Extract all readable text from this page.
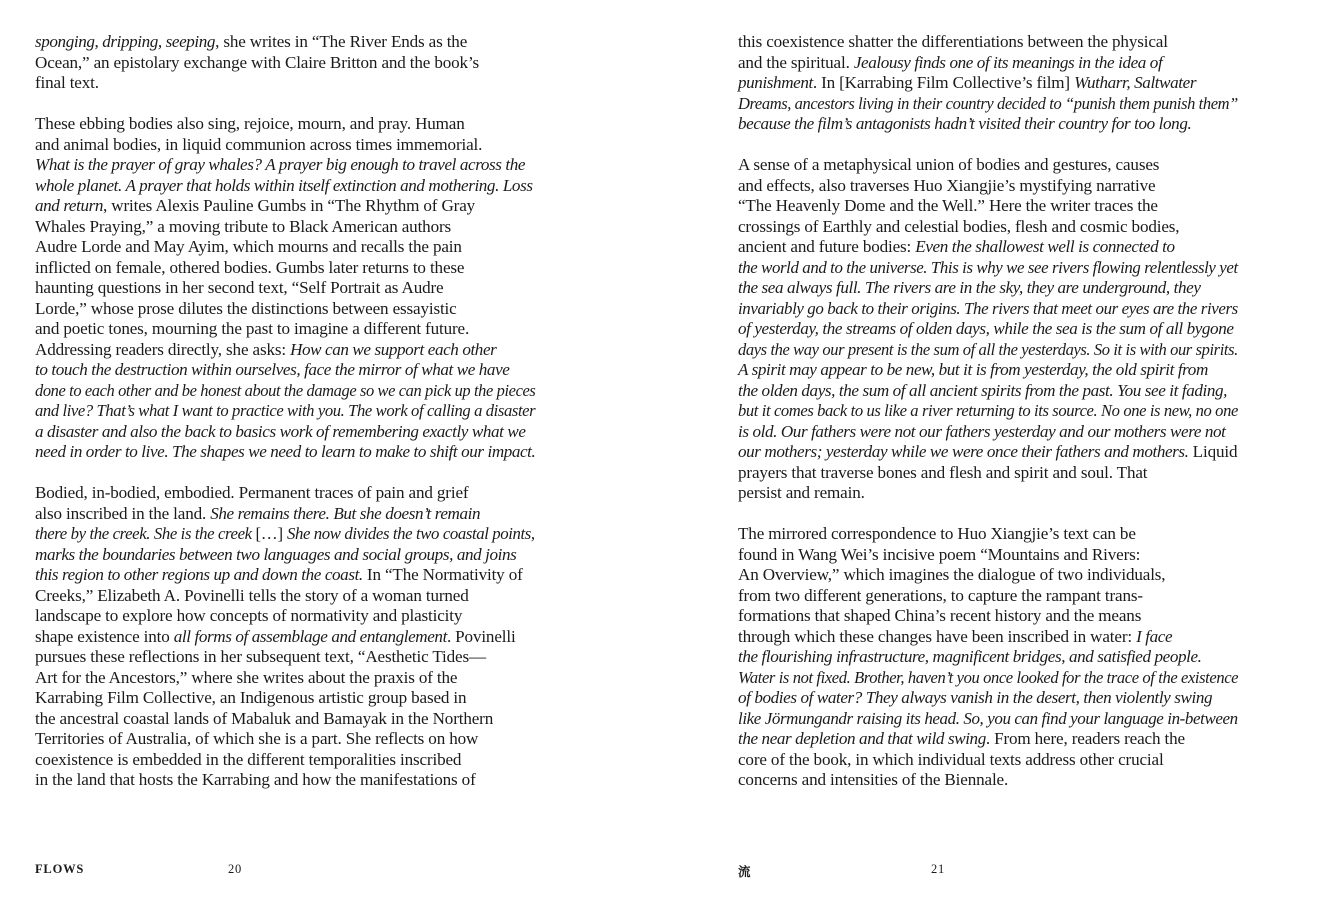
sponging, dripping, seeping, she writes in “The River Ends as the
Ocean,” an epistolary exchange with Claire Britton and the book’s
final text.

These ebbing bodies also sing, rejoice, mourn, and pray. Human
and animal bodies, in liquid communion across times immemorial.
What is the prayer of gray whales? A prayer big enough to travel across the
whole planet. A prayer that holds within itself extinction and mothering. Loss
and return, writes Alexis Pauline Gumbs in “The Rhythm of Gray
Whales Praying,” a moving tribute to Black American authors
Audre Lorde and May Ayim, which mourns and recalls the pain
inflicted on female, othered bodies. Gumbs later returns to these
haunting questions in her second text, “Self Portrait as Audre
Lorde,” whose prose dilutes the distinctions between essayistic
and poetic tones, mourning the past to imagine a different future.
Addressing readers directly, she asks: How can we support each other
to touch the destruction within ourselves, face the mirror of what we have
done to each other and be honest about the damage so we can pick up the pieces
and live? That’s what I want to practice with you. The work of calling a disaster
a disaster and also the back to basics work of remembering exactly what we
need in order to live. The shapes we need to learn to make to shift our impact.

Bodied, in-bodied, embodied. Permanent traces of pain and grief
also inscribed in the land. She remains there. But she doesn’t remain
there by the creek. She is the creek […] She now divides the two coastal points,
marks the boundaries between two languages and social groups, and joins
this region to other regions up and down the coast. In “The Normativity of
Creeks,” Elizabeth A. Povinelli tells the story of a woman turned
landscape to explore how concepts of normativity and plasticity
shape existence into all forms of assemblage and entanglement. Povinelli
pursues these reflections in her subsequent text, “Aesthetic Tides—
Art for the Ancestors,” where she writes about the praxis of the
Karrabing Film Collective, an Indigenous artistic group based in
the ancestral coastal lands of Mabaluk and Bamayak in the Northern
Territories of Australia, of which she is a part. She reflects on how
coexistence is embedded in the different temporalities inscribed
in the land that hosts the Karrabing and how the manifestations of

this coexistence shatter the differentiations between the physical
and the spiritual. Jealousy finds one of its meanings in the idea of
punishment. In [Karrabing Film Collective’s film] Wutharr, Saltwater
Dreams, ancestors living in their country decided to “punish them punish them”
because the film’s antagonists hadn’t visited their country for too long.

A sense of a metaphysical union of bodies and gestures, causes
and effects, also traverses Huo Xiangjie’s mystifying narrative
“The Heavenly Dome and the Well.” Here the writer traces the
crossings of Earthly and celestial bodies, flesh and cosmic bodies,
ancient and future bodies: Even the shallowest well is connected to
the world and to the universe. This is why we see rivers flowing relentlessly yet
the sea always full. The rivers are in the sky, they are underground, they
invariably go back to their origins. The rivers that meet our eyes are the rivers
of yesterday, the streams of olden days, while the sea is the sum of all bygone
days the way our present is the sum of all the yesterdays. So it is with our spirits.
A spirit may appear to be new, but it is from yesterday, the old spirit from
the olden days, the sum of all ancient spirits from the past. You see it fading,
but it comes back to us like a river returning to its source. No one is new, no one
is old. Our fathers were not our fathers yesterday and our mothers were not
our mothers; yesterday while we were once their fathers and mothers. Liquid
prayers that traverse bones and flesh and spirit and soul. That
persist and remain.

The mirrored correspondence to Huo Xiangjie’s text can be
found in Wang Wei’s incisive poem “Mountains and Rivers:
An Overview,” which imagines the dialogue of two individuals,
from two different generations, to capture the rampant trans-
formations that shaped China’s recent history and the means
through which these changes have been inscribed in water: I face
the flourishing infrastructure, magnificent bridges, and satisfied people.
Water is not fixed. Brother, haven’t you once looked for the trace of the existence
of bodies of water? They always vanish in the desert, then violently swing
like Jörmungandr raising its head. So, you can find your language in-between
the near depletion and that wild swing. From here, readers reach the
core of the book, in which individual texts address other crucial
concerns and intensities of the Biennale.

FLOWS	20	流	21
